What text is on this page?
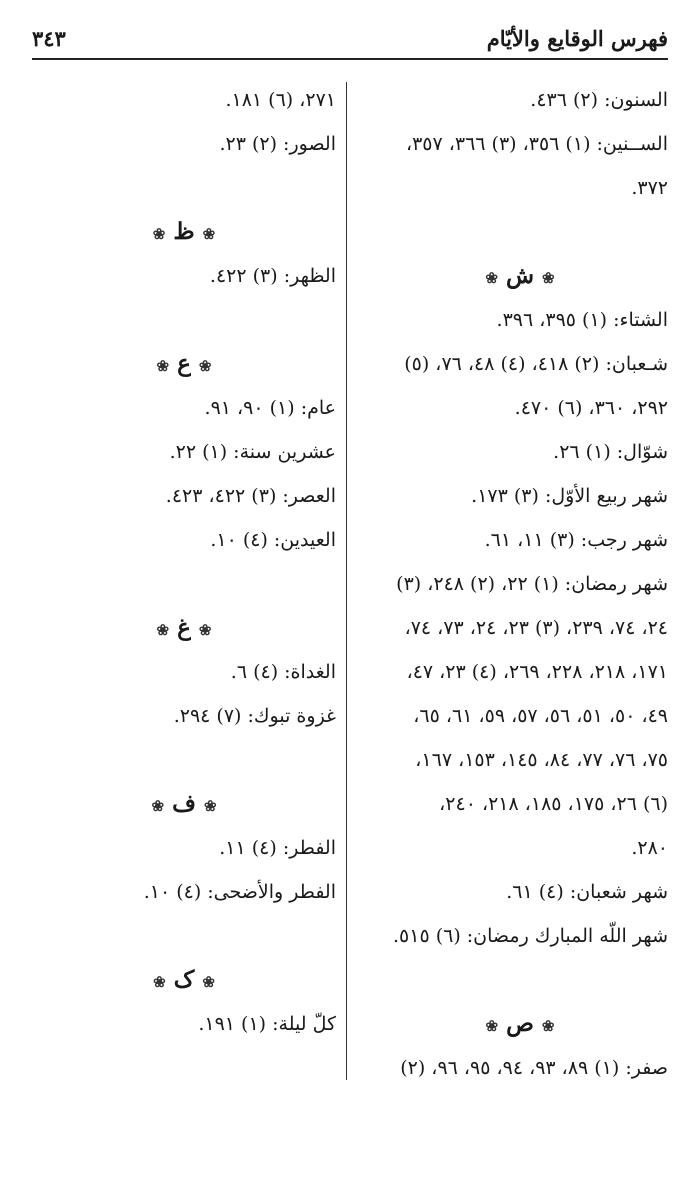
فهرس الوقايع والأيّام
٣٤٣
السنون: (٢) ٤٣٦.
الســنين: (١) ٣٥٦، (٣) ٣٦٦، ٣٥٧،
٣٧٢.
❀ ش ❀
الشتاء: (١) ٣٩٥، ٣٩٦.
شـعبان: (٢) ٤١٨، (٤) ٤٨، ٧٦، (٥)
٢٩٢، ٣٦٠، (٦) ٤٧٠.
شوّال: (١) ٢٦.
شهر ربيع الأوّل: (٣) ١٧٣.
شهر رجب: (٣) ١١، ٦١.
شهر رمضان: (١) ٢٢، (٢) ٢٤٨، (٣)
٢٤، ٧٤، ٢٣٩، (٣) ٢٣، ٢٤، ٧٣، ٧٤،
١٧١، ٢١٨، ٢٢٨، ٢٦٩، (٤) ٢٣، ٤٧،
٤٩، ٥٠، ٥١، ٥٦، ٥٧، ٥٩، ٦١، ٦٥،
٧٥، ٧٦، ٧٧، ٨٤، ١٤٥، ١٥٣، ١٦٧،
(٦) ٢٦، ١٧٥، ١٨٥، ٢١٨، ٢٤٠،
٢٨٠.
شهر شعبان: (٤) ٦١.
شهر اللّه المبارك رمضان: (٦) ٥١٥.
❀ ص ❀
صفر: (١) ٨٩، ٩٣، ٩٤، ٩٥، ٩٦، (٢)
٢٧١، (٦) ١٨١.
الصور: (٢) ٢٣.
❀ ظ ❀
الظهر: (٣) ٤٢٢.
❀ ع ❀
عام: (١) ٩٠، ٩١.
عشرين سنة: (١) ٢٢.
العصر: (٣) ٤٢٢، ٤٢٣.
العيدين: (٤) ١٠.
❀ غ ❀
الغداة: (٤) ٦.
غزوة تبوك: (٧) ٢٩٤.
❀ ف ❀
الفطر: (٤) ١١.
الفطر والأضحى: (٤) ١٠.
❀ ک ❀
كلّ ليلة: (١) ١٩١.
